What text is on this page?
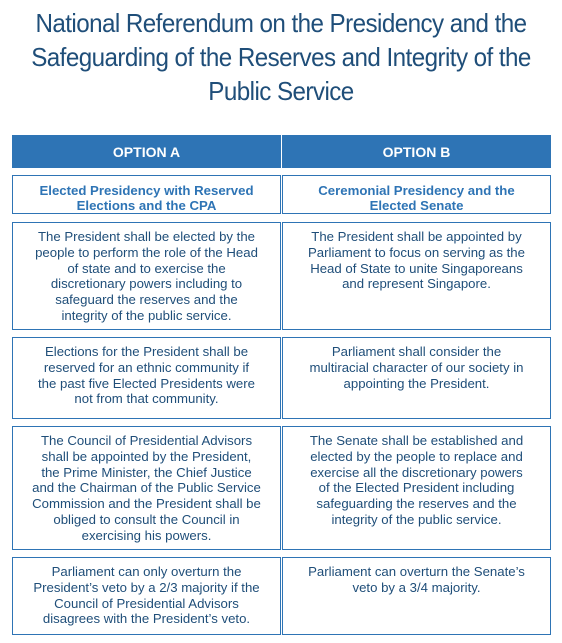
National Referendum on the Presidency and the
Safeguarding of the Reserves and Integrity of the
Public Service
OPTION A
Elected Presidency with Reserved
Elections and the CPA
The President shall be elected by the
people to perform the role of the Head
of state and to exercise the
discretionary powers including to
safeguard the reserves and the
integrity of the public service.
Elections for the President shall be
reserved for an ethnic community if
the past five Elected Presidents were
not from that community.
The Council of Presidential Advisors
shall be appointed by the President,
the Prime Minister, the Chief Justice
and the Chairman of the Public Service
Commission and the President shall be
obliged to consult the Council in
exercising his powers.
Parliament can only overturn the
President’s veto by a 2/3 majority if the
Council of Presidential Advisors
disagrees with the President’s veto.
OPTION B
Ceremonial Presidency and the
Elected Senate
The President shall be appointed by
Parliament to focus on serving as the
Head of State to unite Singaporeans
and represent Singapore.
Parliament shall consider the
multiracial character of our society in
appointing the President.
The Senate shall be established and
elected by the people to replace and
exercise all the discretionary powers
of the Elected President including
safeguarding the reserves and the
integrity of the public service.
Parliament can overturn the Senate’s
veto by a 3/4 majority.
